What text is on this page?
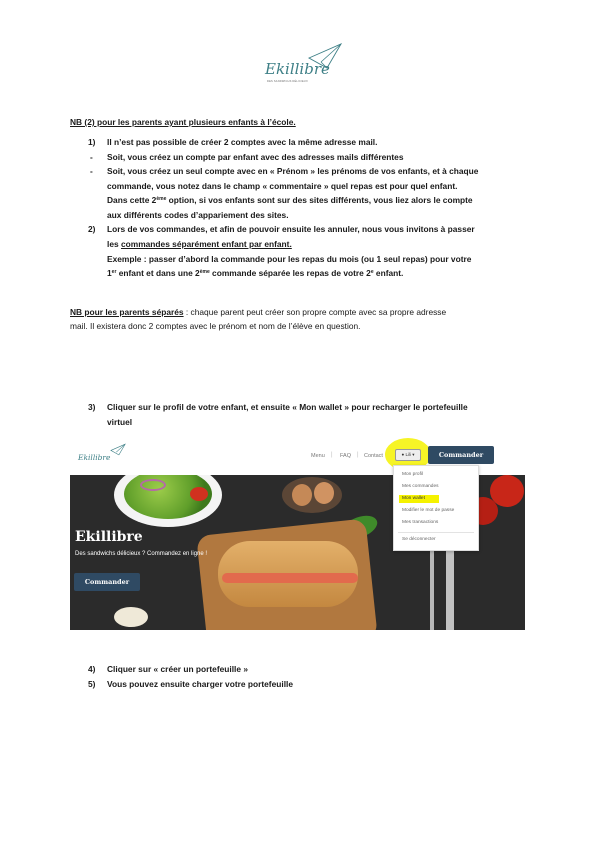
Ekillibre
DES SANDWICHS DÉLICIEUX
NB (2) pour les parents ayant plusieurs enfants à l’école.
1) Il n’est pas possible de créer 2 comptes avec la même adresse mail.
- Soit, vous créez un compte par enfant avec des adresses mails différentes
- Soit, vous créez un seul compte avec en « Prénom » les prénoms de vos enfants, et à chaque
commande, vous notez dans le champ « commentaire » quel repas est pour quel enfant.
Dans cette 2ème option, si vos enfants sont sur des sites différents, vous liez alors le compte
aux différents codes d’appariement des sites.
2) Lors de vos commandes, et afin de pouvoir ensuite les annuler, nous vous invitons à passer
les commandes séparément enfant par enfant.
Exemple : passer d’abord la commande pour les repas du mois (ou 1 seul repas) pour votre
1er enfant et dans une 2ème commande séparée les repas de votre 2e enfant.
NB pour les parents séparés : chaque parent peut créer son propre compte avec sa propre adresse
mail. Il existera donc 2 comptes avec le prénom et nom de l’élève en question.
3) Cliquer sur le profil de votre enfant, et ensuite « Mon wallet » pour recharger le portefeuille
virtuel
Ekillibre	Menu | FAQ | Contact	● Lili ▾	Commander
Mon profil
Mes commandes
Mon wallet
Modifier le mot de passe
Mes transactions
Se déconnecter
Ekillibre
Des sandwichs délicieux ? Commandez en ligne !
Commander
4) Cliquer sur « créer un portefeuille »
5) Vous pouvez ensuite charger votre portefeuille
